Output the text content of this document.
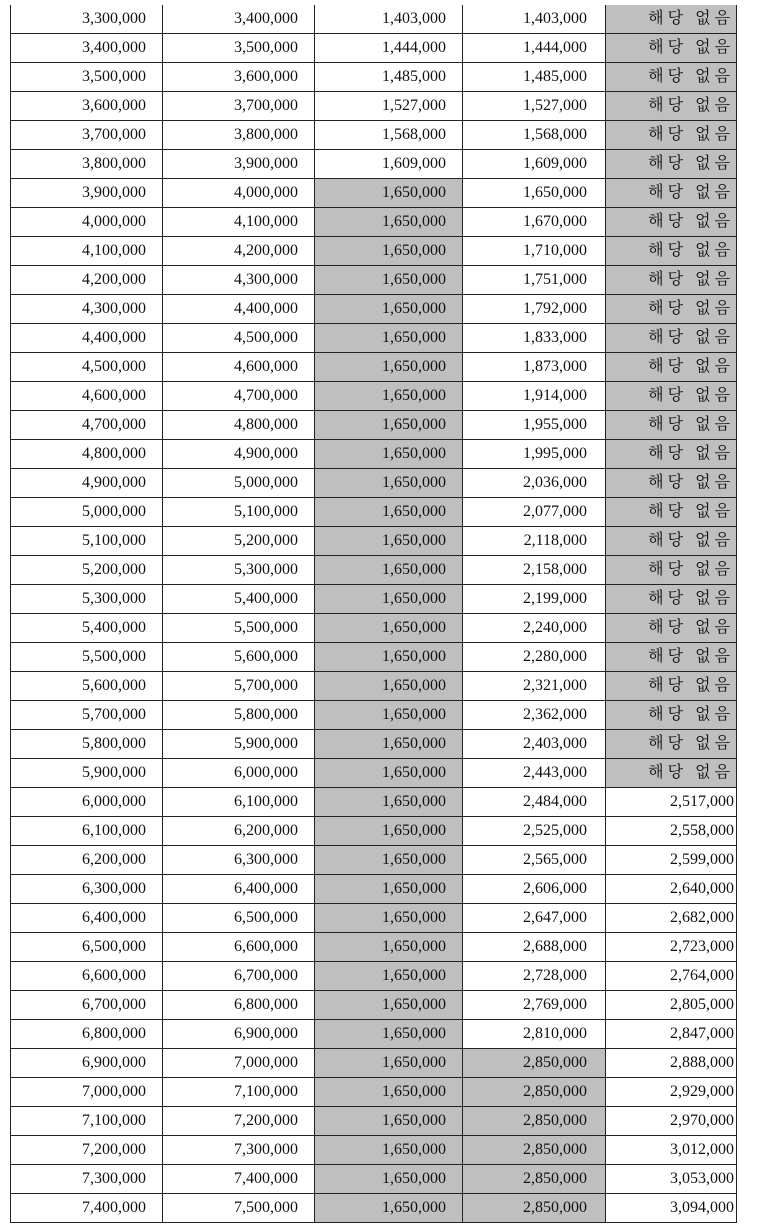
3,300,000	3,400,000	1,403,000	1,403,000	해당 없음
3,400,000	3,500,000	1,444,000	1,444,000	해당 없음
3,500,000	3,600,000	1,485,000	1,485,000	해당 없음
3,600,000	3,700,000	1,527,000	1,527,000	해당 없음
3,700,000	3,800,000	1,568,000	1,568,000	해당 없음
3,800,000	3,900,000	1,609,000	1,609,000	해당 없음
3,900,000	4,000,000	1,650,000	1,650,000	해당 없음
4,000,000	4,100,000	1,650,000	1,670,000	해당 없음
4,100,000	4,200,000	1,650,000	1,710,000	해당 없음
4,200,000	4,300,000	1,650,000	1,751,000	해당 없음
4,300,000	4,400,000	1,650,000	1,792,000	해당 없음
4,400,000	4,500,000	1,650,000	1,833,000	해당 없음
4,500,000	4,600,000	1,650,000	1,873,000	해당 없음
4,600,000	4,700,000	1,650,000	1,914,000	해당 없음
4,700,000	4,800,000	1,650,000	1,955,000	해당 없음
4,800,000	4,900,000	1,650,000	1,995,000	해당 없음
4,900,000	5,000,000	1,650,000	2,036,000	해당 없음
5,000,000	5,100,000	1,650,000	2,077,000	해당 없음
5,100,000	5,200,000	1,650,000	2,118,000	해당 없음
5,200,000	5,300,000	1,650,000	2,158,000	해당 없음
5,300,000	5,400,000	1,650,000	2,199,000	해당 없음
5,400,000	5,500,000	1,650,000	2,240,000	해당 없음
5,500,000	5,600,000	1,650,000	2,280,000	해당 없음
5,600,000	5,700,000	1,650,000	2,321,000	해당 없음
5,700,000	5,800,000	1,650,000	2,362,000	해당 없음
5,800,000	5,900,000	1,650,000	2,403,000	해당 없음
5,900,000	6,000,000	1,650,000	2,443,000	해당 없음
6,000,000	6,100,000	1,650,000	2,484,000	2,517,000
6,100,000	6,200,000	1,650,000	2,525,000	2,558,000
6,200,000	6,300,000	1,650,000	2,565,000	2,599,000
6,300,000	6,400,000	1,650,000	2,606,000	2,640,000
6,400,000	6,500,000	1,650,000	2,647,000	2,682,000
6,500,000	6,600,000	1,650,000	2,688,000	2,723,000
6,600,000	6,700,000	1,650,000	2,728,000	2,764,000
6,700,000	6,800,000	1,650,000	2,769,000	2,805,000
6,800,000	6,900,000	1,650,000	2,810,000	2,847,000
6,900,000	7,000,000	1,650,000	2,850,000	2,888,000
7,000,000	7,100,000	1,650,000	2,850,000	2,929,000
7,100,000	7,200,000	1,650,000	2,850,000	2,970,000
7,200,000	7,300,000	1,650,000	2,850,000	3,012,000
7,300,000	7,400,000	1,650,000	2,850,000	3,053,000
7,400,000	7,500,000	1,650,000	2,850,000	3,094,000
